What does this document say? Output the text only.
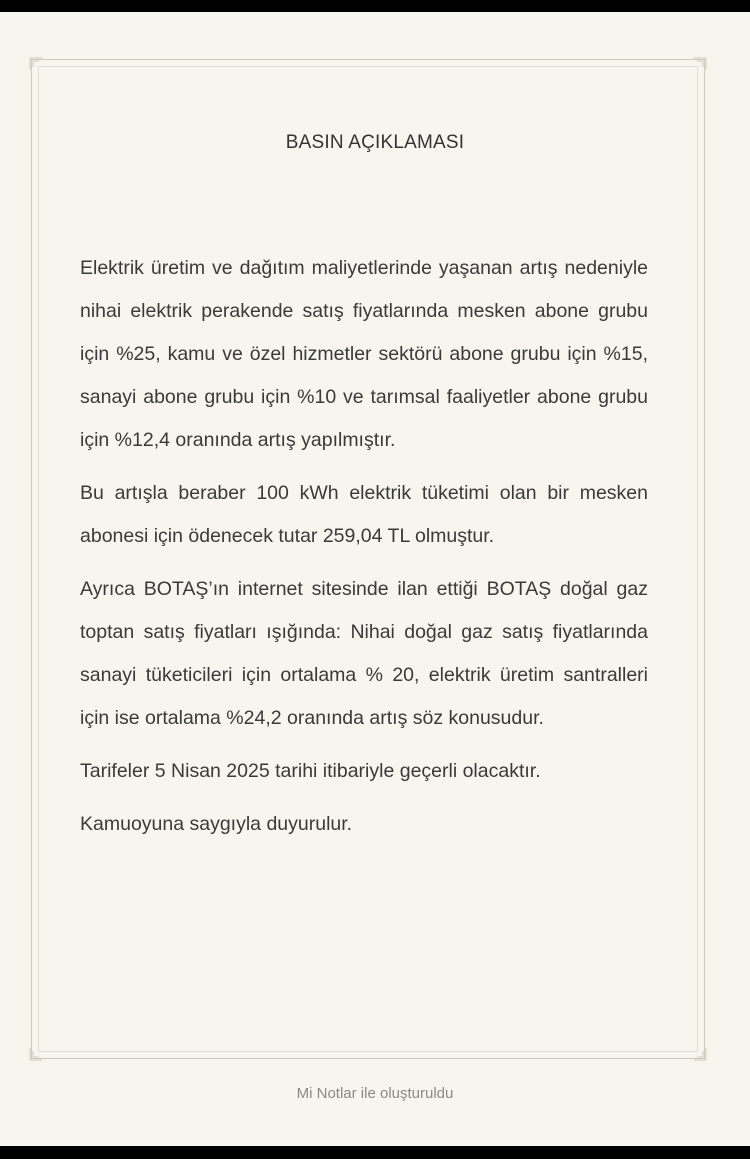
BASIN AÇIKLAMASI

Elektrik üretim ve dağıtım maliyetlerinde yaşanan artış nedeniyle nihai elektrik perakende satış fiyatlarında mesken abone grubu için %25, kamu ve özel hizmetler sektörü abone grubu için %15, sanayi abone grubu için %10 ve tarımsal faaliyetler abone grubu için %12,4 oranında artış yapılmıştır.

Bu artışla beraber 100 kWh elektrik tüketimi olan bir mesken abonesi için ödenecek tutar 259,04 TL olmuştur.

Ayrıca BOTAŞ’ın internet sitesinde ilan ettiği BOTAŞ doğal gaz toptan satış fiyatları ışığında: Nihai doğal gaz satış fiyatlarında sanayi tüketicileri için ortalama % 20, elektrik üretim santralleri için ise ortalama %24,2 oranında artış söz konusudur.

Tarifeler 5 Nisan 2025 tarihi itibariyle geçerli olacaktır.

Kamuoyuna saygıyla duyurulur.

Mi Notlar ile oluşturuldu
